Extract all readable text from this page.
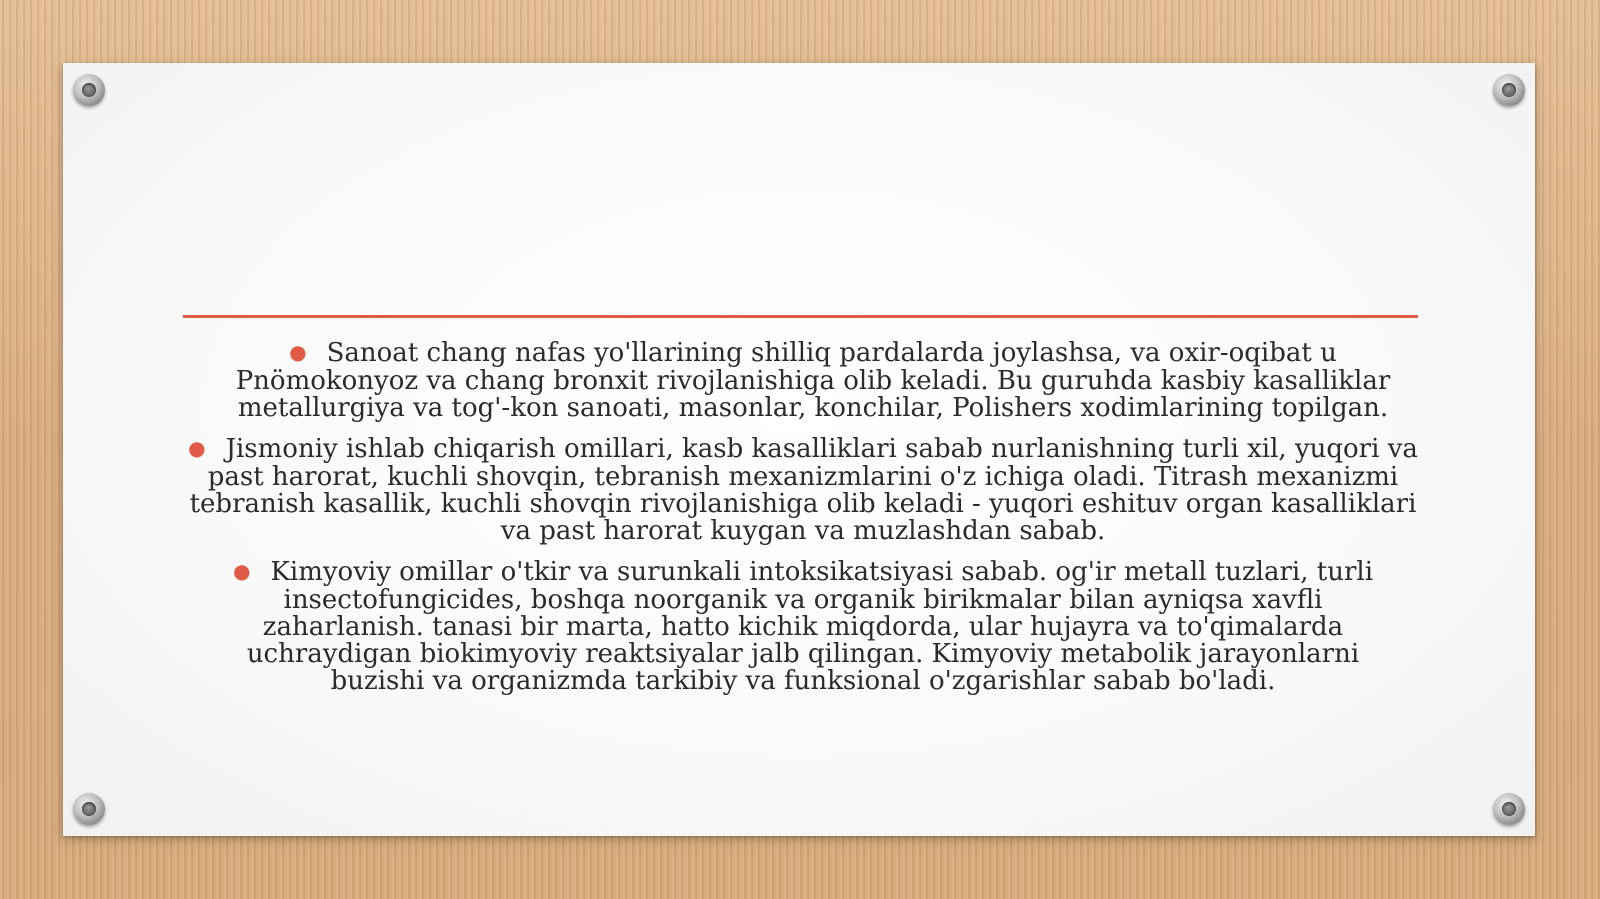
● Sanoat chang nafas yo'llarining shilliq pardalarda joylashsa, va oxir-oqibat u Pnömokonyoz va chang bronxit rivojlanishiga olib keladi. Bu guruhda kasbiy kasalliklar metallurgiya va tog'-kon sanoati, masonlar, konchilar, Polishers xodimlarining topilgan.

● Jismoniy ishlab chiqarish omillari, kasb kasalliklari sabab nurlanishning turli xil, yuqori va past harorat, kuchli shovqin, tebranish mexanizmlarini o'z ichiga oladi. Titrash mexanizmi tebranish kasallik, kuchli shovqin rivojlanishiga olib keladi - yuqori eshituv organ kasalliklari va past harorat kuygan va muzlashdan sabab.

● Kimyoviy omillar o'tkir va surunkali intoksikatsiyasi sabab. og'ir metall tuzlari, turli insectofungicides, boshqa noorganik va organik birikmalar bilan ayniqsa xavfli zaharlanish. tanasi bir marta, hatto kichik miqdorda, ular hujayra va to'qimalarda uchraydigan biokimyoviy reaktsiyalar jalb qilingan. Kimyoviy metabolik jarayonlarni buzishi va organizmda tarkibiy va funksional o'zgarishlar sabab bo'ladi.
